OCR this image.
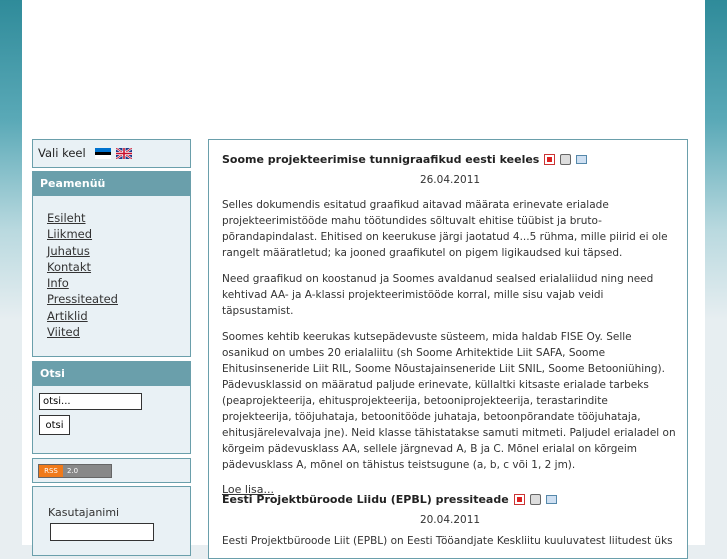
Vali keel
Peamenüü
Esileht
Liikmed
Juhatus
Kontakt
Info
Pressiteated
Artiklid
Viited
Otsi
otsi...
otsi
RSS	2.0
Kasutajanimi
Soome projekteerimise tunnigraafikud eesti keeles
26.04.2011

Selles dokumendis esitatud graafikud aitavad määrata erinevate erialade projekteerimistööde mahu töötundides sõltuvalt ehitise tüübist ja bruto-põrandapindalast. Ehitised on keerukuse järgi jaotatud 4...5 rühma, mille piirid ei ole rangelt määratletud; ka jooned graafikutel on pigem ligikaudsed kui täpsed.

Need graafikud on koostanud ja Soomes avaldanud sealsed erialaliidud ning need kehtivad AA- ja A-klassi projekteerimistööde korral, mille sisu vajab veidi täpsustamist.

Soomes kehtib keerukas kutsepädevuste süsteem, mida haldab FISE Oy. Selle osanikud on umbes 20 erialaliitu (sh Soome Arhitektide Liit SAFA, Soome Ehitusinseneride Liit RIL, Soome Nõustajainseneride Liit SNIL, Soome Betooniühing). Pädevusklassid on määratud paljude erinevate, küllaltki kitsaste erialade tarbeks (peaprojekteerija, ehitusprojekteerija, betooniprojekteerija, terastarindite projekteerija, tööjuhataja, betoonitööde juhataja, betoonpõrandate tööjuhataja, ehitusjärelevalvaja jne). Neid klasse tähistatakse samuti mitmeti. Paljudel erialadel on kõrgeim pädevusklass AA, sellele järgnevad A, B ja C. Mõnel erialal on kõrgeim pädevusklass A, mõnel on tähistus teistsugune (a, b, c või 1, 2 jm).

Loe lisa...
Eesti Projektbüroode Liidu (EPBL) pressiteade
20.04.2011

Eesti Projektbüroode Liit (EPBL) on Eesti Tööandjate Keskliitu kuuluvatest liitudest üks
